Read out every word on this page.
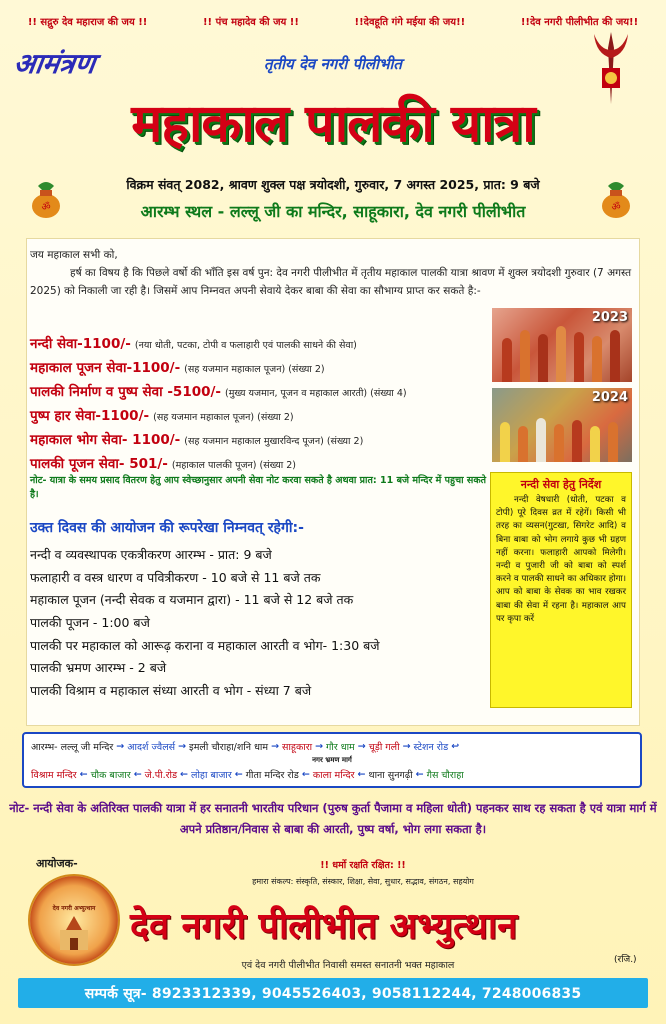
!! सद्गुरु देव महाराज की जय !!	!! पंच महादेव की जय !!	!!देवहूति गंगे मईया की जय!!	!!देव नगरी पीलीभीत की जय!!
आमंत्रण	तृतीय देव नगरी पीलीभीत
महाकाल पालकी यात्रा
विक्रम संवत् 2082, श्रावण शुक्ल पक्ष त्रयोदशी, गुरुवार, 7 अगस्त 2025, प्रात: 9 बजे
आरम्भ स्थल - लल्लू जी का मन्दिर, साहूकारा, देव नगरी पीलीभीत
ॐ	ॐ
जय महाकाल सभी को,
हर्ष का विषय है कि पिछले वर्षो की भाँति इस वर्ष पुन: देव नगरी पीलीभीत में तृतीय महाकाल पालकी यात्रा श्रावण में शुक्ल त्रयोदशी गुरुवार (7 अगस्त 2025) को निकाली जा रही है। जिसमें आप निम्नवत अपनी सेवाये देकर बाबा की सेवा का सौभाग्य प्राप्त कर सकते है:-
नन्दी सेवा-1100/- (नया धोती, पटका, टोपी व फलाहारी एवं पालकी साधने की सेवा)
महाकाल पूजन सेवा-1100/- (सह यजमान महाकाल पूजन) (संख्या 2)
पालकी निर्माण व पुष्प सेवा -5100/- (मुख्य यजमान, पूजन व महाकाल आरती) (संख्या 4)
पुष्प हार सेवा-1100/- (सह यजमान महाकाल पूजन) (संख्या 2)
महाकाल भोग सेवा- 1100/- (सह यजमान महाकाल मुखारविन्द पूजन) (संख्या 2)
पालकी पूजन सेवा- 501/- (महाकाल पालकी पूजन) (संख्या 2)
नोट- यात्रा के समय प्रसाद वितरण हेतु आप स्वेच्छानुसार अपनी सेवा नोट करवा सकते है अथवा प्रात: 11 बजे मन्दिर में पहुचा सकते है।
उक्त दिवस की आयोजन की रूपरेखा निम्नवत् रहेगी:-
नन्दी व व्यवस्थापक एकत्रीकरण आरम्भ - प्रात: 9 बजे
फलाहारी व वस्त्र धारण व पवित्रीकरण - 10 बजे से 11 बजे तक
महाकाल पूजन (नन्दी सेवक व यजमान द्वारा) - 11 बजे से 12 बजे तक
पालकी पूजन - 1:00 बजे
पालकी पर महाकाल को आरूढ़ कराना व महाकाल आरती व भोग- 1:30 बजे
पालकी भ्रमण आरम्भ - 2 बजे
पालकी विश्राम व महाकाल संध्या आरती व भोग - संध्या 7 बजे
2023
2024
नन्दी सेवा हेतु निर्देश
नन्दी वेषधारी (धोती, पटका व टोपी) पूरे दिवस व्रत में रहेगें। किसी भी तरह का व्यसन(गुटखा, सिगरेट आदि) व बिना बाबा को भोग लगाये कुछ भी ग्रहण नहीं करना। फलाहारी आपको मिलेगी। नन्दी व पुजारी जी को बाबा को स्पर्श करने व पालकी साधने का अधिकार होगा। आप को बाबा के सेवक का भाव रखकर बाबा की सेवा में रहना है। महाकाल आप पर कृपा करें
आरम्भ- लल्लू जी मन्दिर → आदर्श ज्वैलर्स → इमली चौराहा/शनि धाम → साहूकारा → गौर धाम → चूड़ी गली → स्टेशन रोड ↩
नगर भ्रमण मार्ग
विश्राम मन्दिर ← चौक बाजार ← जे.पी.रोड ← लोहा बाजार ← गीता मन्दिर रोड ← काला मन्दिर ← थाना सुनगढ़ी ← गैस चौराहा
नोट- नन्दी सेवा के अतिरिक्त पालकी यात्रा में हर सनातनी भारतीय परिधान (पुरुष कुर्ता पैजामा व महिला धोती) पहनकर साथ रह सकता है एवं यात्रा मार्ग में अपने प्रतिष्ठान/निवास से बाबा की आरती, पुष्प वर्षा, भोग लगा सकता है।
आयोजक-
देव नगरी अभ्युत्थान
!! धर्मो रक्षति रक्षित: !!
हमारा संकल्प: संस्कृति, संस्कार, शिक्षा, सेवा, सुधार, सद्भाव, संगठन, सहयोग
देव नगरी पीलीभीत अभ्युत्थान
(रजि.)
एवं देव नगरी पीलीभीत निवासी समस्त सनातनी भक्त महाकाल
सम्पर्क सूत्र- 8923312339, 9045526403, 9058112244, 7248006835
